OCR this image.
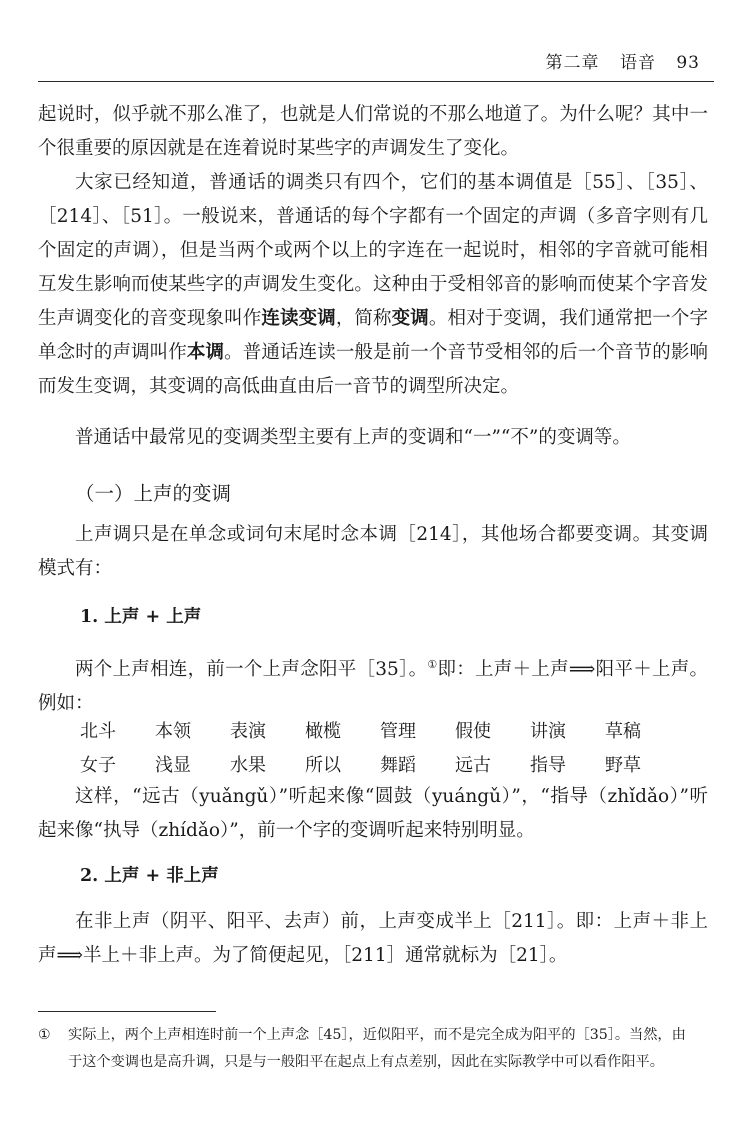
第二章 语音 93

起说时，似乎就不那么准了，也就是人们常说的不那么地道了。为什么呢？其中一个很重要的原因就是在连着说时某些字的声调发生了变化。

大家已经知道，普通话的调类只有四个，它们的基本调值是［55］、［35］、［214］、［51］。一般说来，普通话的每个字都有一个固定的声调（多音字则有几个固定的声调），但是当两个或两个以上的字连在一起说时，相邻的字音就可能相互发生影响而使某些字的声调发生变化。这种由于受相邻音的影响而使某个字音发生声调变化的音变现象叫作连读变调，简称变调。相对于变调，我们通常把一个字单念时的声调叫作本调。普通话连读一般是前一个音节受相邻的后一个音节的影响而发生变调，其变调的高低曲直由后一音节的调型所决定。

普通话中最常见的变调类型主要有上声的变调和“一”“不”的变调等。

（一）上声的变调

上声调只是在单念或词句末尾时念本调［214］，其他场合都要变调。其变调模式有：

1. 上声 + 上声

两个上声相连，前一个上声念阳平［35］。①即：上声＋上声⟹阳平＋上声。例如：

北斗	本领	表演	橄榄	管理	假使	讲演	草稿
女子	浅显	水果	所以	舞蹈	远古	指导	野草

这样，“远古（yuǎngǔ）”听起来像“圆鼓（yuángǔ）”，“指导（zhǐdǎo）”听起来像“执导（zhídǎo）”，前一个字的变调听起来特别明显。

2. 上声 + 非上声

在非上声（阴平、阳平、去声）前，上声变成半上［211］。即：上声＋非上声⟹半上＋非上声。为了简便起见，［211］通常就标为［21］。

① 实际上，两个上声相连时前一个上声念［45］，近似阳平，而不是完全成为阳平的［35］。当然，由
于这个变调也是高升调，只是与一般阳平在起点上有点差别，因此在实际教学中可以看作阳平。
